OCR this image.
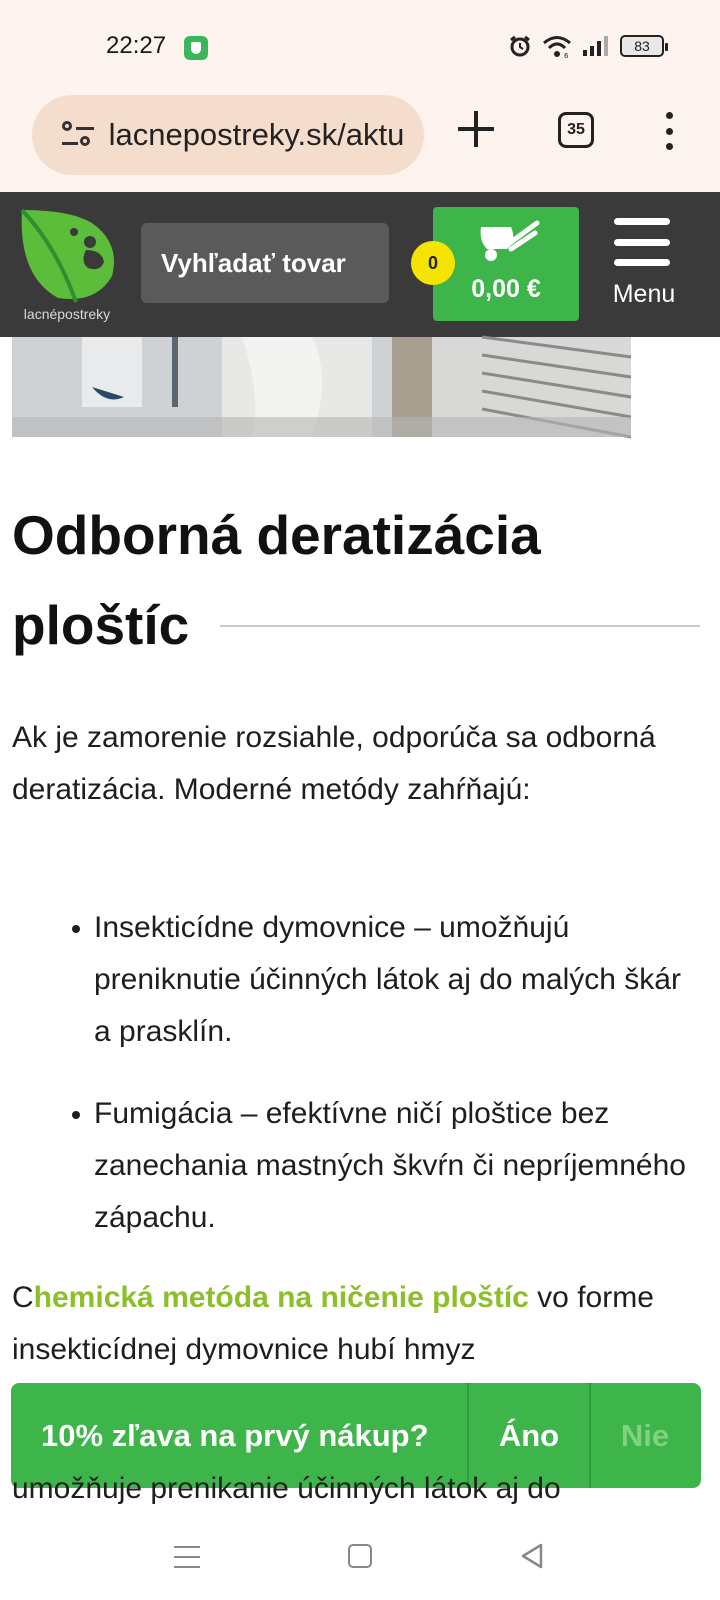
22:27	6
83
lacnepostreky.sk/aktu	35
lacnépostreky
Vyhľadať tovar
0,00 €
0
Menu
Odborná deratizácia ploštíc

Ak je zamorenie rozsiahle, odporúča sa odborná deratizácia. Moderné metódy zahŕňajú:

Insekticídne dymovnice – umožňujú preniknutie účinných látok aj do malých škár a prasklín.
Fumigácia – efektívne ničí ploštice bez zanechania mastných škvŕn či nepríjemného zápachu.

Chemická metóda na ničenie ploštíc vo forme insekticídnej dymovnice hubí hmyz

10% zľava na prvý nákup?	Áno	Nie
umožňuje prenikanie účinných látok aj do
